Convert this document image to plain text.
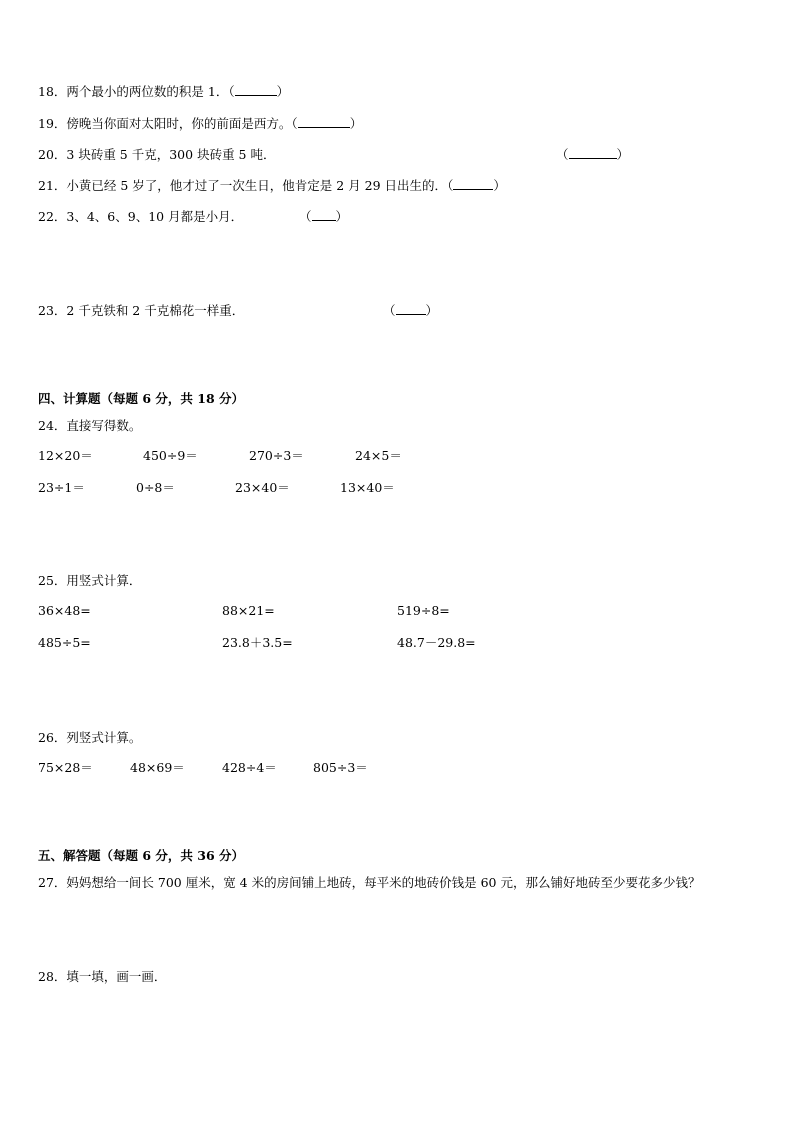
18．两个最小的两位数的积是 1．（	）
19．傍晚当你面对太阳时，你的前面是西方。（	）
20．3 块砖重 5 千克，300 块砖重 5 吨．	（	）
21．小黄已经 5 岁了，他才过了一次生日，他肯定是 2 月 29 日出生的．（	）
22．3、4、6、9、10 月都是小月．	（ ）
23．2 千克铁和 2 千克棉花一样重．	（ ）
四、计算题（每题 6 分，共 18 分）
24．直接写得数。
12×20＝	450÷9＝	270÷3＝	24×5＝
23÷1＝	0÷8＝	23×40＝	13×40＝
25．用竖式计算．
36×48=	88×21=	519÷8=
485÷5=	23.8＋3.5=	48.7－29.8=
26．列竖式计算。
75×28＝	48×69＝	428÷4＝	805÷3＝
五、解答题（每题 6 分，共 36 分）
27．妈妈想给一间长 700 厘米，宽 4 米的房间铺上地砖，每平米的地砖价钱是 60 元，那么铺好地砖至少要花多少钱？
28．填一填，画一画．
